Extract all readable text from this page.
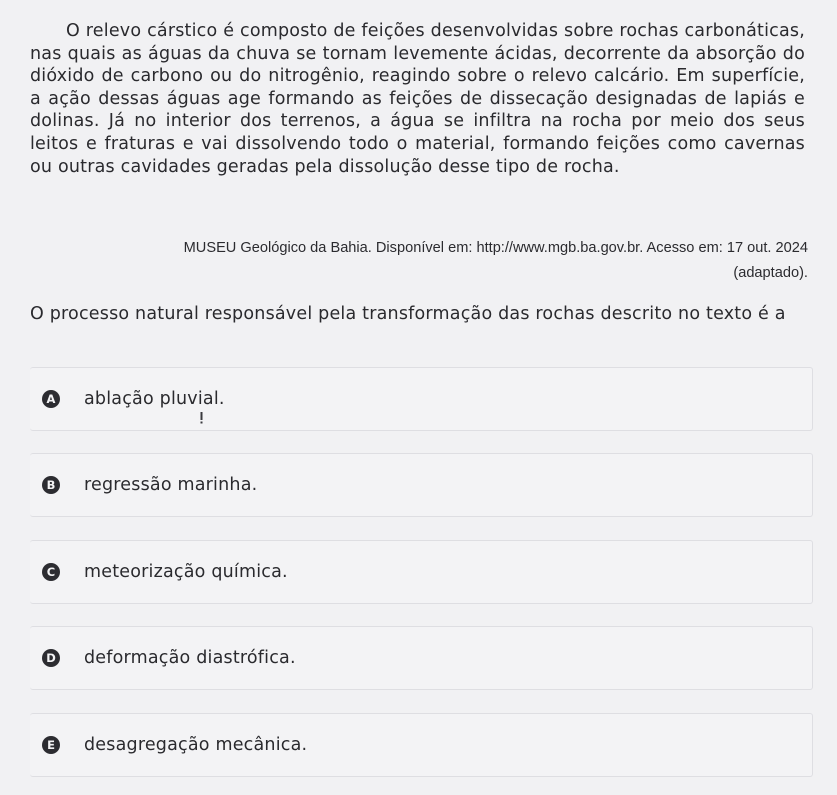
O relevo cárstico é composto de feições desenvolvidas sobre rochas carbonáticas, nas quais as águas da chuva se tornam levemente ácidas, decorrente da absorção do dióxido de carbono ou do nitrogênio, reagindo sobre o relevo calcário. Em superfície, a ação dessas águas age formando as feições de dissecação designadas de lapiás e dolinas. Já no interior dos terrenos, a água se infiltra na rocha por meio dos seus leitos e fraturas e vai dissolvendo todo o material, formando feições como cavernas ou outras cavidades geradas pela dissolução desse tipo de rocha.
MUSEU Geológico da Bahia. Disponível em: http://www.mgb.ba.gov.br. Acesso em: 17 out. 2024
(adaptado).
O processo natural responsável pela transformação das rochas descrito no texto é a
A ablação pluvial.
B regressão marinha.
C meteorização química.
D deformação diastrófica.
E desagregação mecânica.
